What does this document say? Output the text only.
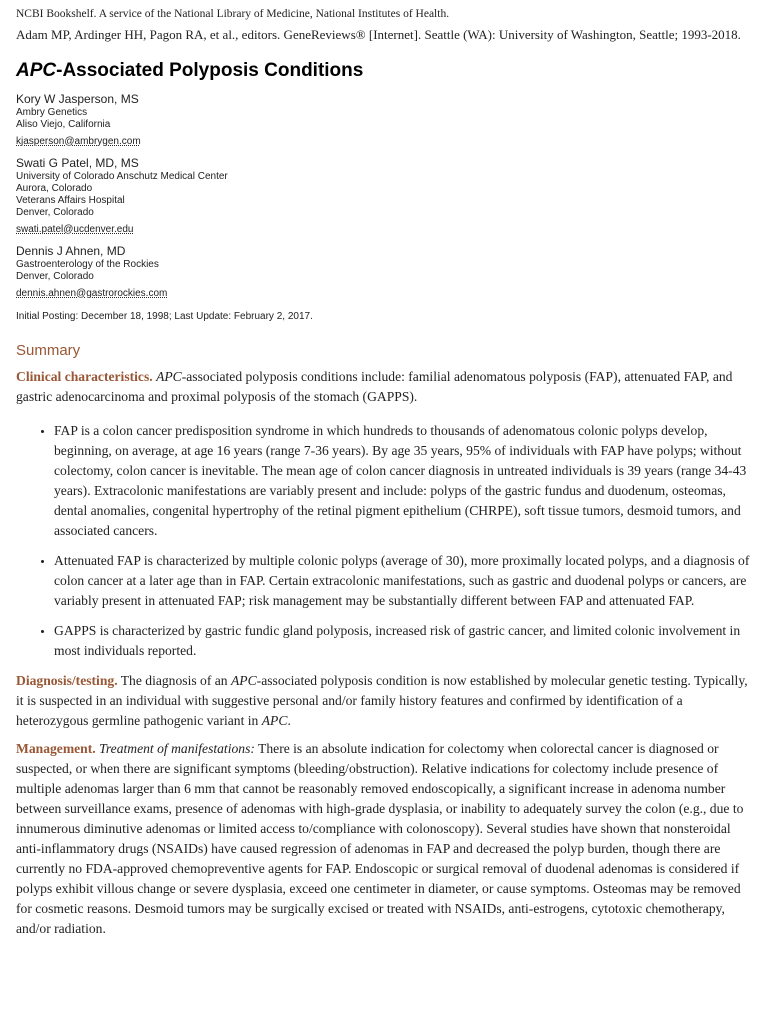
NCBI Bookshelf. A service of the National Library of Medicine, National Institutes of Health.
Adam MP, Ardinger HH, Pagon RA, et al., editors. GeneReviews® [Internet]. Seattle (WA): University of Washington, Seattle; 1993-2018.
APC-Associated Polyposis Conditions
Kory W Jasperson, MS
Ambry Genetics
Aliso Viejo, California
kjasperson@ambrygen.com
Swati G Patel, MD, MS
University of Colorado Anschutz Medical Center
Aurora, Colorado
Veterans Affairs Hospital
Denver, Colorado
swati.patel@ucdenver.edu
Dennis J Ahnen, MD
Gastroenterology of the Rockies
Denver, Colorado
dennis.ahnen@gastrorockies.com
Initial Posting: December 18, 1998; Last Update: February 2, 2017.
Summary

Clinical characteristics. APC-associated polyposis conditions include: familial adenomatous polyposis (FAP), attenuated FAP, and gastric adenocarcinoma and proximal polyposis of the stomach (GAPPS).

• FAP is a colon cancer predisposition syndrome in which hundreds to thousands of adenomatous colonic polyps develop, beginning, on average, at age 16 years (range 7-36 years). By age 35 years, 95% of individuals with FAP have polyps; without colectomy, colon cancer is inevitable. The mean age of colon cancer diagnosis in untreated individuals is 39 years (range 34-43 years). Extracolonic manifestations are variably present and include: polyps of the gastric fundus and duodenum, osteomas, dental anomalies, congenital hypertrophy of the retinal pigment epithelium (CHRPE), soft tissue tumors, desmoid tumors, and associated cancers.
• Attenuated FAP is characterized by multiple colonic polyps (average of 30), more proximally located polyps, and a diagnosis of colon cancer at a later age than in FAP. Certain extracolonic manifestations, such as gastric and duodenal polyps or cancers, are variably present in attenuated FAP; risk management may be substantially different between FAP and attenuated FAP.
• GAPPS is characterized by gastric fundic gland polyposis, increased risk of gastric cancer, and limited colonic involvement in most individuals reported.

Diagnosis/testing. The diagnosis of an APC-associated polyposis condition is now established by molecular genetic testing. Typically, it is suspected in an individual with suggestive personal and/or family history features and confirmed by identification of a heterozygous germline pathogenic variant in APC.

Management. Treatment of manifestations: There is an absolute indication for colectomy when colorectal cancer is diagnosed or suspected, or when there are significant symptoms (bleeding/obstruction). Relative indications for colectomy include presence of multiple adenomas larger than 6 mm that cannot be reasonably removed endoscopically, a significant increase in adenoma number between surveillance exams, presence of adenomas with high-grade dysplasia, or inability to adequately survey the colon (e.g., due to innumerous diminutive adenomas or limited access to/compliance with colonoscopy). Several studies have shown that nonsteroidal anti-inflammatory drugs (NSAIDs) have caused regression of adenomas in FAP and decreased the polyp burden, though there are currently no FDA-approved chemopreventive agents for FAP. Endoscopic or surgical removal of duodenal adenomas is considered if polyps exhibit villous change or severe dysplasia, exceed one centimeter in diameter, or cause symptoms. Osteomas may be removed for cosmetic reasons. Desmoid tumors may be surgically excised or treated with NSAIDs, anti-estrogens, cytotoxic chemotherapy, and/or radiation.
